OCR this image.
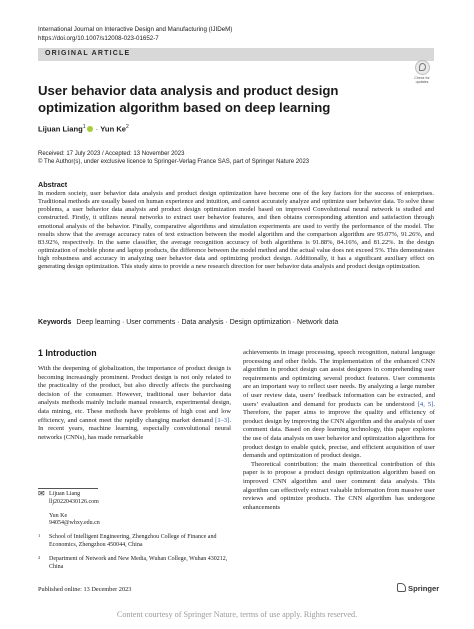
International Journal on Interactive Design and Manufacturing (IJIDeM)
https://doi.org/10.1007/s12008-023-01652-7
ORIGINAL ARTICLE
Check for updates
User behavior data analysis and product design optimization algorithm based on deep learning
Lijuan Liang$^1$ · Yun Ke$^2$
Received: 17 July 2023 / Accepted: 13 November 2023
© The Author(s), under exclusive licence to Springer-Verlag France SAS, part of Springer Nature 2023
Abstract
In modern society, user behavior data analysis and product design optimization have become one of the key factors for the success of enterprises. Traditional methods are usually based on human experience and intuition, and cannot accurately analyze and optimize user behavior data. To solve these problems, a user behavior data analysis and product design optimization model based on improved Convolutional neural network is studied and constructed. Firstly, it utilizes neural networks to extract user behavior features, and then obtains corresponding attention and satisfaction through emotional analysis of the behavior. Finally, comparative algorithms and simulation experiments are used to verify the performance of the model. The results show that the average accuracy rates of text extraction between the model algorithm and the comparison algorithm are 95.07%, 91.26%, and 83.92%, respectively. In the same classifier, the average recognition accuracy of both algorithms is 91.88%, 84.16%, and 81.22%. In the design optimization of mobile phone and laptop products, the difference between the model method and the actual value does not exceed 5%. This demonstrates high robustness and accuracy in analyzing user behavior data and optimizing product design. Additionally, it has a significant auxiliary effect on generating design optimization. This study aims to provide a new research direction for user behavior data analysis and product design optimization.
Keywords Deep learning · User comments · Data analysis · Design optimization · Network data
1 Introduction
With the deepening of globalization, the importance of product design is becoming increasingly prominent. Product design is not only related to the practicality of the product, but also directly affects the purchasing decision of the consumer. However, traditional user behavior data analysis methods mainly include manual research, experimental design, data mining, etc. These methods have problems of high cost and low efficiency, and cannot meet the rapidly changing market demand [1–3]. In recent years, machine learning, especially convolutional neural networks (CNNs), has made remarkable

achievements in image processing, speech recognition, natural language processing and other fields. The implementation of the enhanced CNN algorithm in product design can assist designers in comprehending user requirements and optimizing several product features. User comments are an important way to reflect user needs. By analyzing a large number of user review data, users’ feedback information can be extracted, and users’ evaluation and demand for products can be understood [4, 5]. Therefore, the paper aims to improve the quality and efficiency of product design by improving the CNN algorithm and the analysis of user comment data. Based on deep learning technology, this paper explores the use of data analysis on user behavior and optimization algorithms for product design to enable quick, precise, and efficient acquisition of user demands and optimization of product design.

Theoretical contribution: the main theoretical contribution of this paper is to propose a product design optimization algorithm based on improved CNN algorithm and user comment data analysis. This algorithm can effectively extract valuable information from massive user reviews and optimize products. The CNN algorithm has undergone enhancements

✉ Lijuan Liang
llj20220430126.com
Yun Ke
94054@whxy.edu.cn
1 School of Intelligent Engineering, Zhengzhou College of Finance and Economics, Zhengzhou 450044, China
2 Department of Network and New Media, Wuhan College, Wuhan 430212, China
Published online: 13 December 2023	Springer
Content courtesy of Springer Nature, terms of use apply. Rights reserved.
